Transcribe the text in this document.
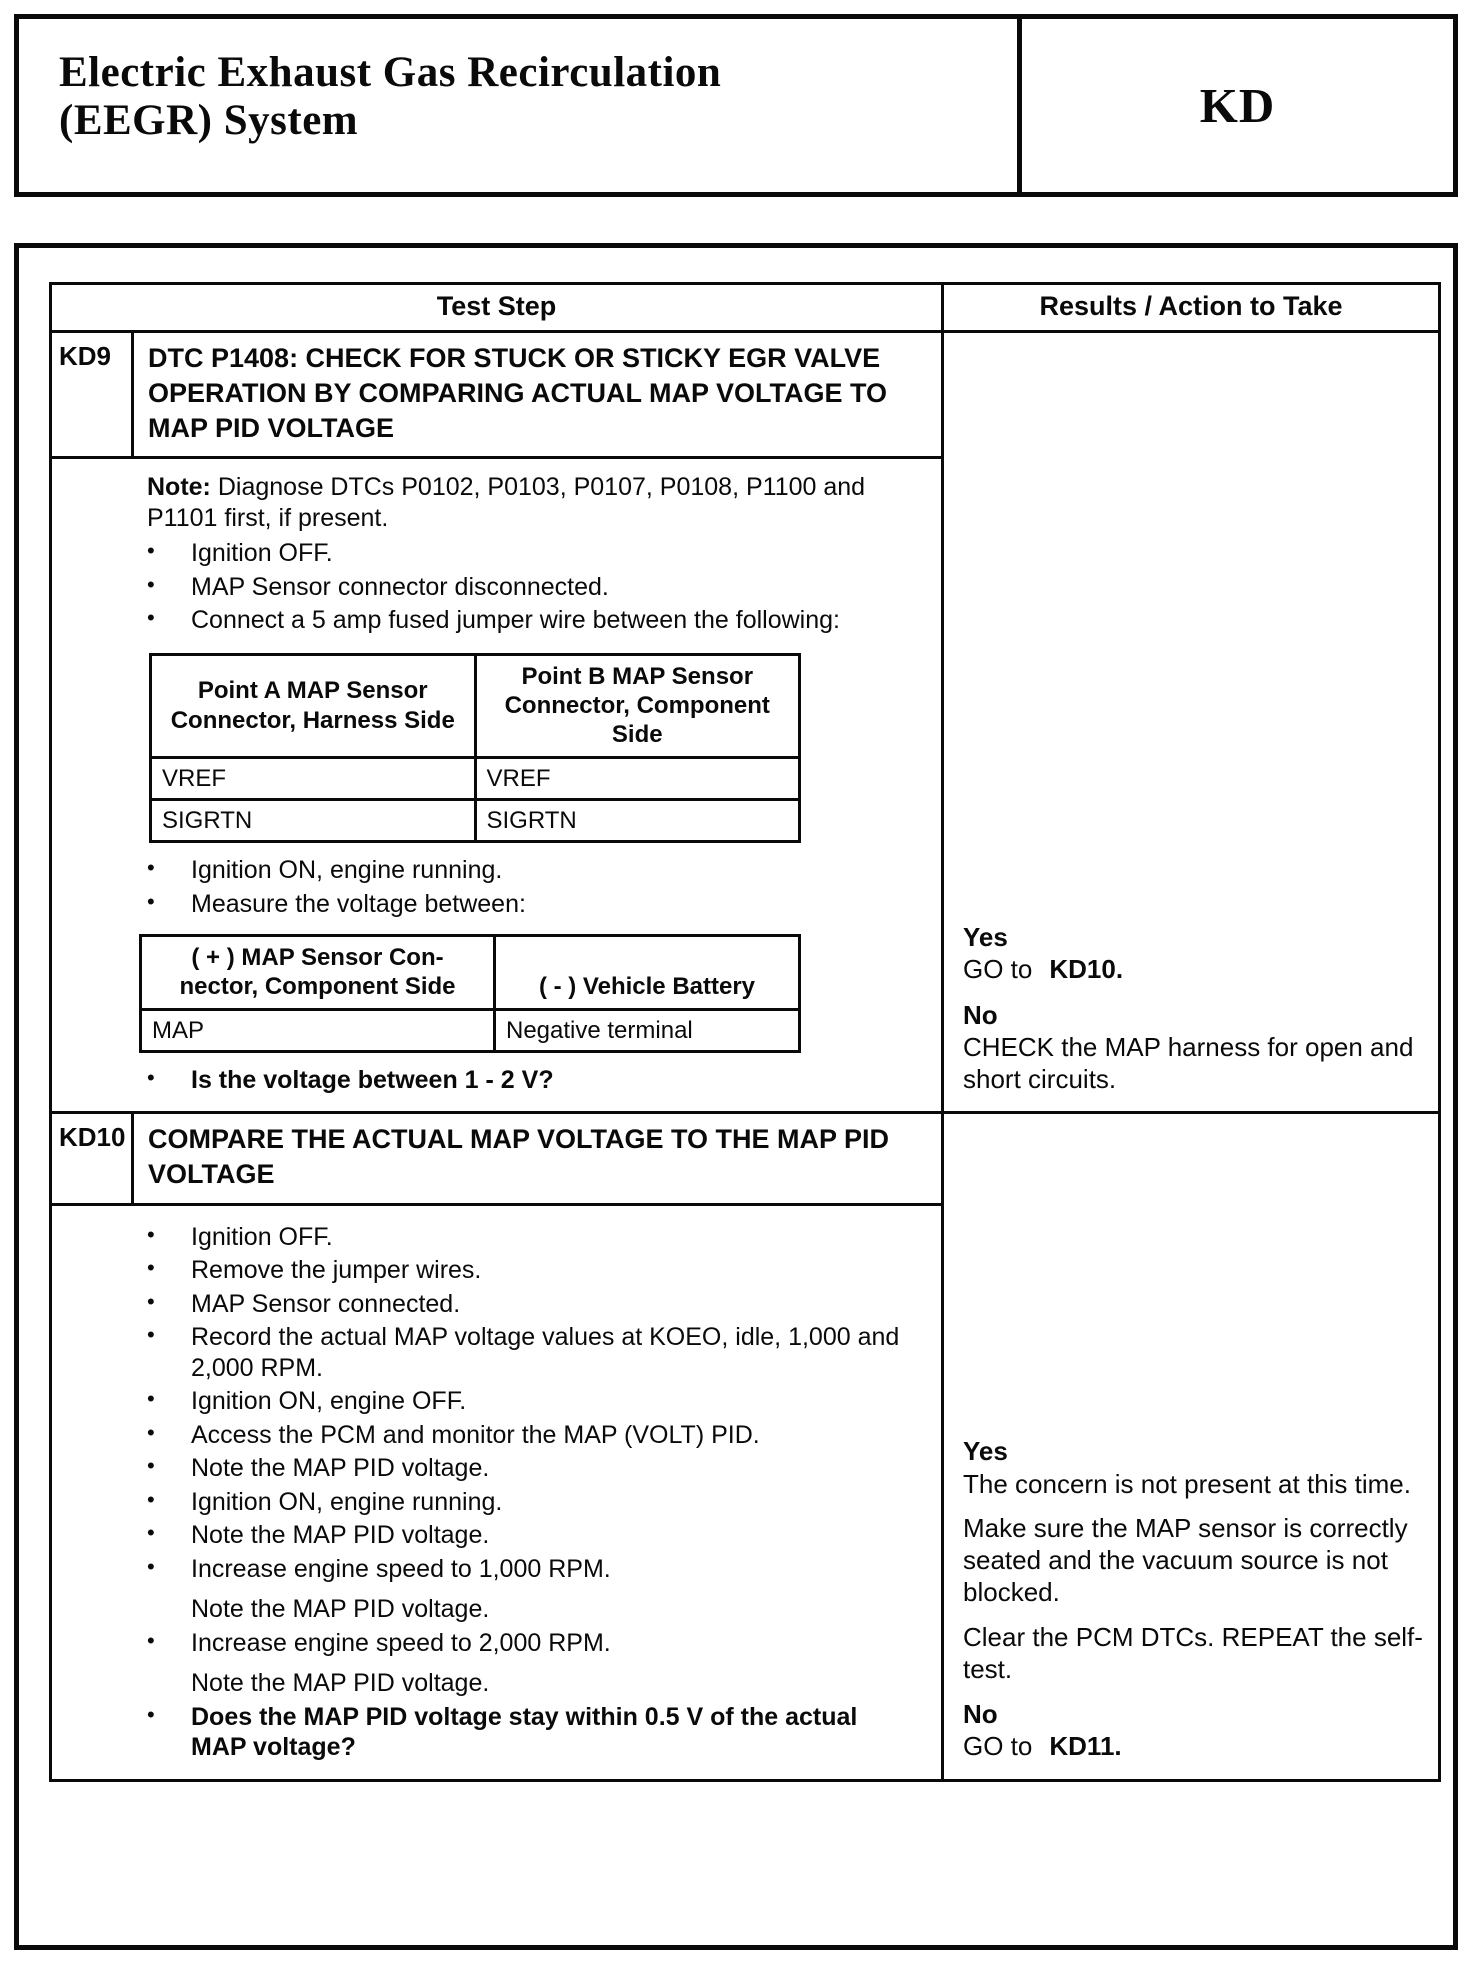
Electric Exhaust Gas Recirculation
(EEGR) System	KD
Test Step	Results / Action to Take
KD9	DTC P1408: CHECK FOR STUCK OR STICKY EGR VALVE OPERATION BY COMPARING ACTUAL MAP VOLTAGE TO MAP PID VOLTAGE

Note: Diagnose DTCs P0102, P0103, P0107, P0108, P1100 and P1101 first, if present.

•	Ignition OFF.
•	MAP Sensor connector disconnected.
•	Connect a 5 amp fused jumper wire between the following:
Point A MAP Sensor Connector, Harness Side	Point B MAP Sensor Connector, Component Side
VREF	VREF
SIGRTN	SIGRTN
•	Ignition ON, engine running.
•	Measure the voltage between:
( + ) MAP Sensor Con-
nector, Component Side	( - ) Vehicle Battery
MAP	Negative terminal
•	Is the voltage between 1 - 2 V?
Yes
GO to KD10.
No
CHECK the MAP harness for open and short circuits.
KD10 COMPARE THE ACTUAL MAP VOLTAGE TO THE MAP PID VOLTAGE
•	Ignition OFF.
•	Remove the jumper wires.
•	MAP Sensor connected.
•	Record the actual MAP voltage values at KOEO, idle, 1,000 and 2,000 RPM.
•	Ignition ON, engine OFF.
•	Access the PCM and monitor the MAP (VOLT) PID.
•	Note the MAP PID voltage.
•	Ignition ON, engine running.
•	Note the MAP PID voltage.
•	Increase engine speed to 1,000 RPM.
Note the MAP PID voltage.
•	Increase engine speed to 2,000 RPM.
Note the MAP PID voltage.
•	Does the MAP PID voltage stay within 0.5 V of the actual MAP voltage?
Yes
The concern is not present at this time.
Make sure the MAP sensor is correctly seated and the vacuum source is not blocked.
Clear the PCM DTCs. REPEAT the self-test.
No
GO to KD11.
